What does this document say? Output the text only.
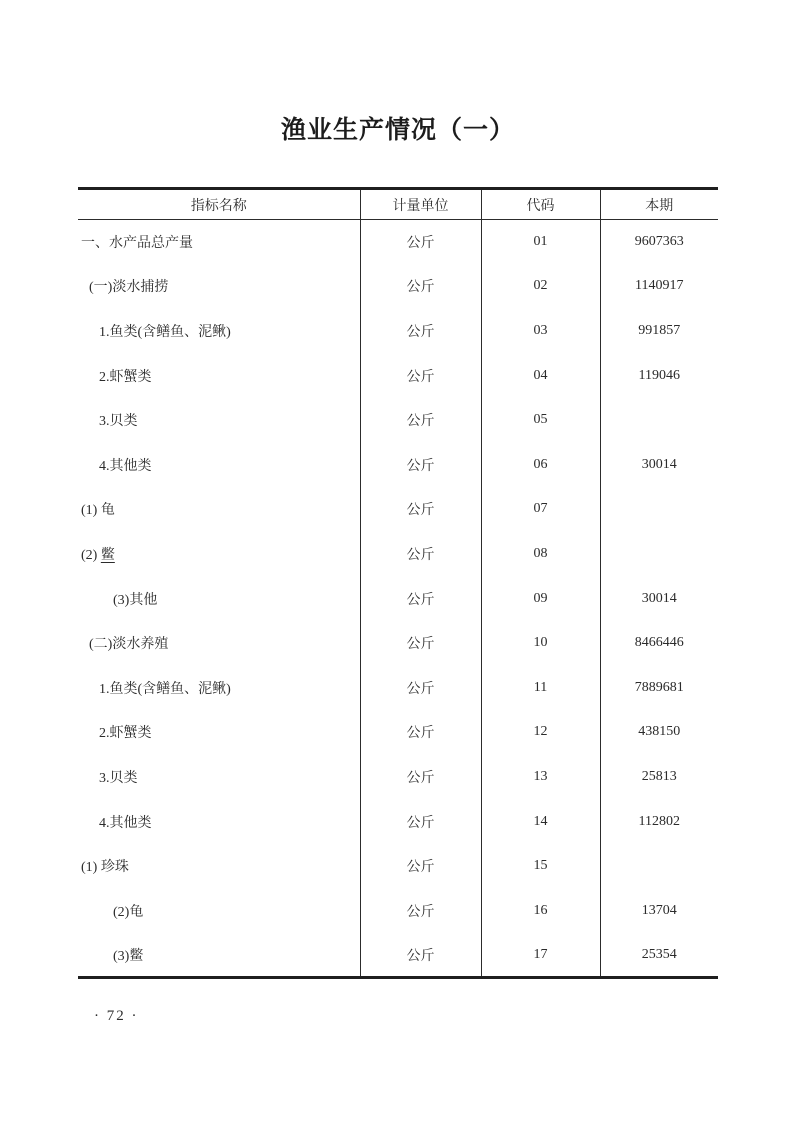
渔业生产情况（一）
指标名称	计量单位	代码	本期
一、水产品总产量	公斤	01	9607363
(一)淡水捕捞	公斤	02	1140917
1.鱼类(含鳝鱼、泥鳅)	公斤	03	991857
2.虾蟹类	公斤	04	119046
3.贝类	公斤	05	
4.其他类	公斤	06	30014
(1) 龟	公斤	07	
(2) 鳖	公斤	08	
(3)其他	公斤	09	30014
(二)淡水养殖	公斤	10	8466446
1.鱼类(含鳝鱼、泥鳅)	公斤	11	7889681
2.虾蟹类	公斤	12	438150
3.贝类	公斤	13	25813
4.其他类	公斤	14	112802
(1) 珍珠	公斤	15	
(2)龟	公斤	16	13704
(3)鳖	公斤	17	25354
· 72 ·
